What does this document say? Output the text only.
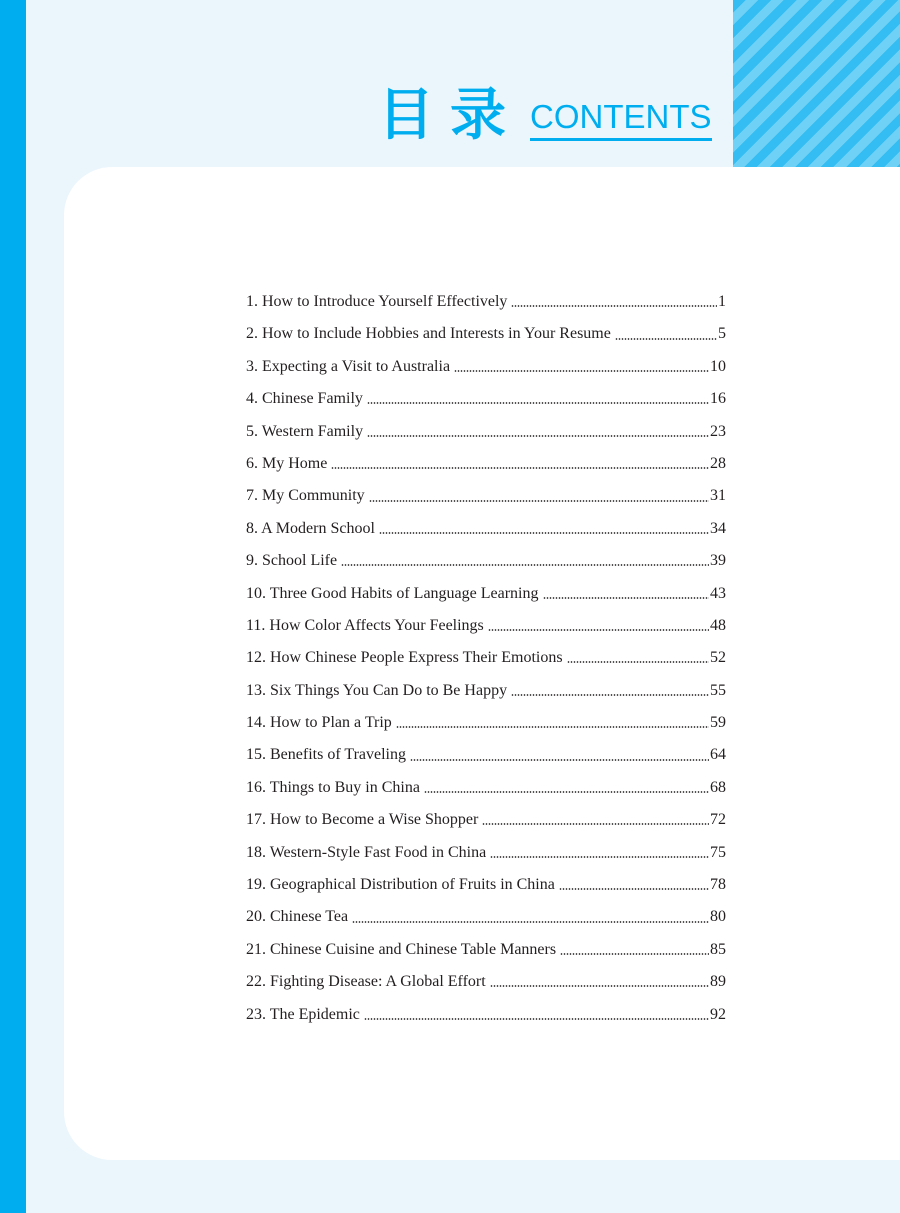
目录 CONTENTS
1. How to Introduce Yourself Effectively	1
2. How to Include Hobbies and Interests in Your Resume	5
3. Expecting a Visit to Australia	10
4. Chinese Family	16
5. Western Family	23
6. My Home	28
7. My Community	31
8. A Modern School	34
9. School Life	39
10. Three Good Habits of Language Learning	43
11. How Color Affects Your Feelings	48
12. How Chinese People Express Their Emotions	52
13. Six Things You Can Do to Be Happy	55
14. How to Plan a Trip	59
15. Benefits of Traveling	64
16. Things to Buy in China	68
17. How to Become a Wise Shopper	72
18. Western-Style Fast Food in China	75
19. Geographical Distribution of Fruits in China	78
20. Chinese Tea	80
21. Chinese Cuisine and Chinese Table Manners	85
22. Fighting Disease: A Global Effort	89
23. The Epidemic	92
